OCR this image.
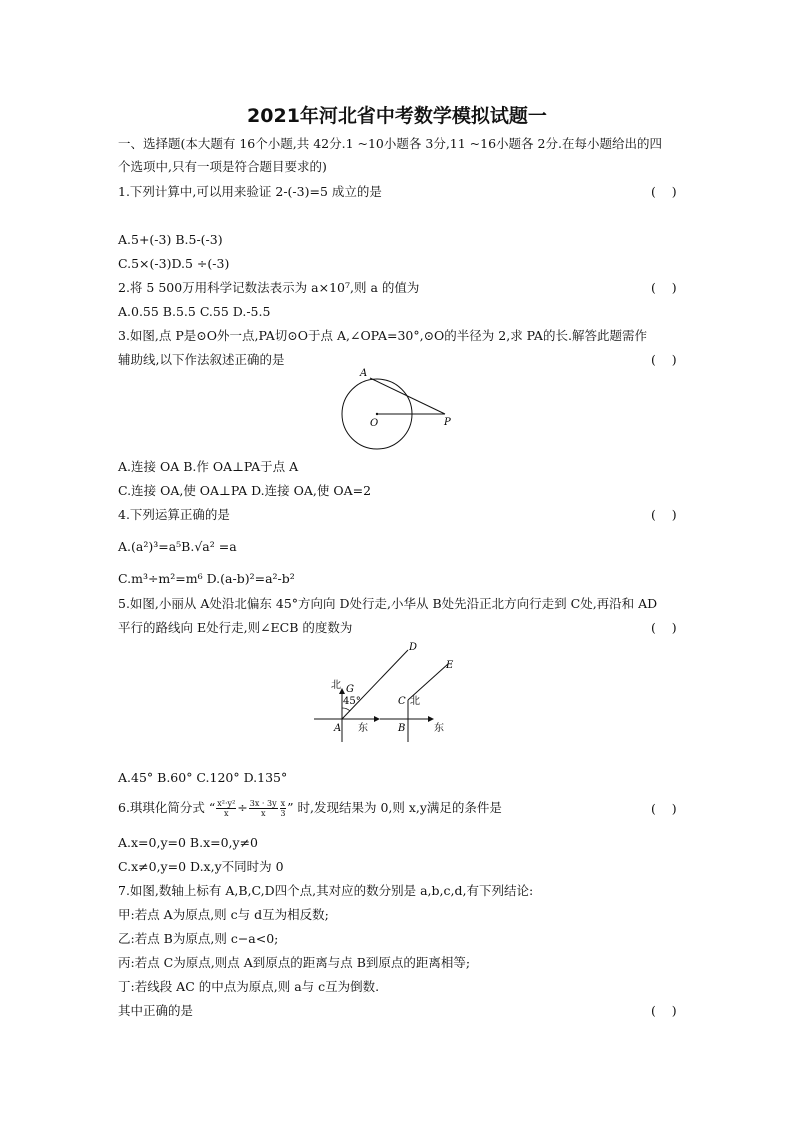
2021年河北省中考数学模拟试题一
一、选择题(本大题有 16个小题,共 42分.1 ~10小题各 3分,11 ~16小题各 2分.在每小题给出的四
个选项中,只有一项是符合题目要求的)
1.下列计算中,可以用来验证 2-(-3)=5 成立的是	(    )
A.5+(-3) B.5-(-3)
C.5×(-3)D.5 ÷(-3)
2.将 5 500万用科学记数法表示为 a×10⁷,则 a 的值为	(    )
A.0.55 B.5.5 C.55 D.-5.5
3.如图,点 P是⊙O外一点,PA切⊙O于点 A,∠OPA=30°,⊙O的半径为 2,求 PA的长.解答此题需作
辅助线,以下作法叙述正确的是	(    )
A
O	P
A.连接 OA B.作 OA⊥PA于点 A
C.连接 OA,使 OA⊥PA D.连接 OA,使 OA=2
4.下列运算正确的是	(    )
A.(a²)³=a⁵B.√a² =a
C.m³÷m²=m⁶ D.(a-b)²=a²-b²
5.如图,小丽从 A处沿北偏东 45°方向向 D处行走,小华从 B处先沿正北方向行走到 C处,再沿和 AD
平行的路线向 E处行走,则∠ECB 的度数为	(    )
北 G
45°
A 东
D
C 北
B	东
E
A.45° B.60° C.120° D.135°
6.琪琪化简分式 “ $\frac{\text{x²·y²}}{x} \div \frac{3x \cdot 3y}{x} \frac{x}{3}$ ” 时,发现结果为 0,则 x,y满足的条件是	(    )
A.x=0,y=0 B.x=0,y≠0
C.x≠0,y=0 D.x,y不同时为 0
7.如图,数轴上标有 A,B,C,D四个点,其对应的数分别是 a,b,c,d,有下列结论:
甲:若点 A为原点,则 c与 d互为相反数;
乙:若点 B为原点,则 c−a<0;
丙:若点 C为原点,则点 A到原点的距离与点 B到原点的距离相等;
丁:若线段 AC 的中点为原点,则 a与 c互为倒数.
其中正确的是	(    )
